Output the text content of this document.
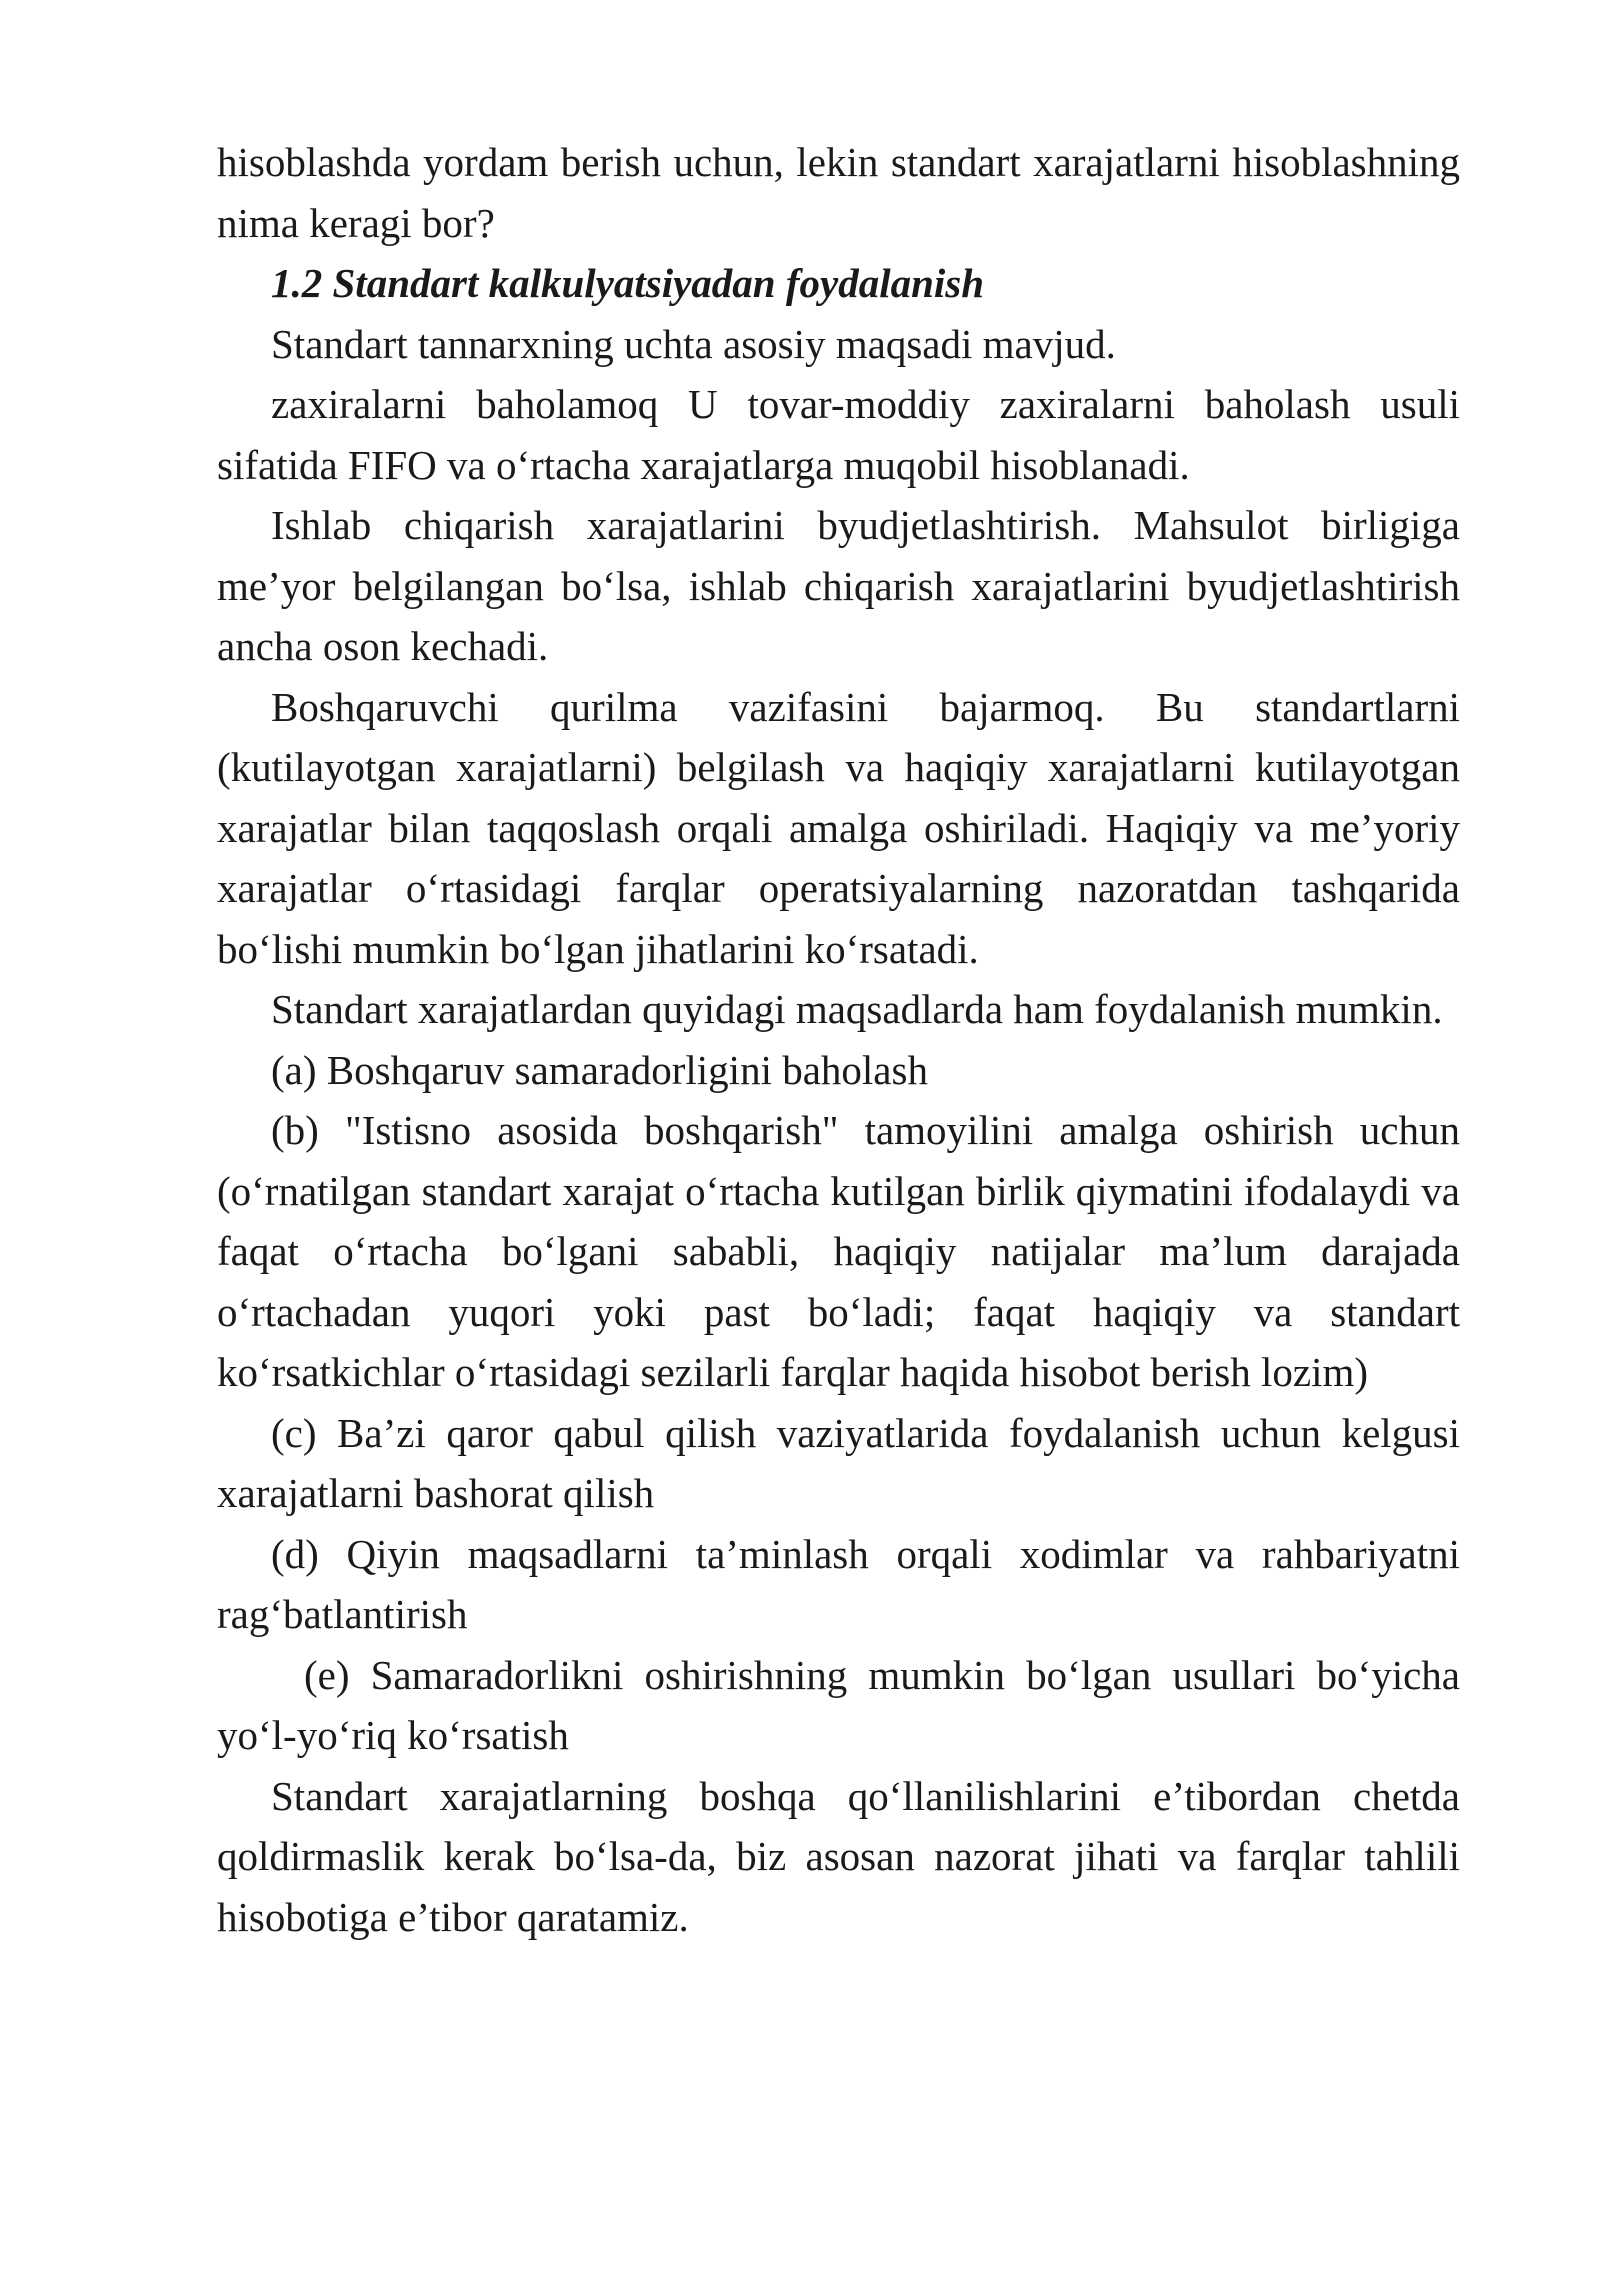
hisoblashda yordam berish uchun, lekin standart xarajatlarni hisoblashning nima keragi bor?

1.2 Standart kalkulyatsiyadan foydalanish

Standart tannarxning uchta asosiy maqsadi mavjud.

zaxiralarni baholamoq U tovar-moddiy zaxiralarni baholash usuli sifatida FIFO va o‘rtacha xarajatlarga muqobil hisoblanadi.

Ishlab chiqarish xarajatlarini byudjetlashtirish. Mahsulot birligiga me’yor belgilangan bo‘lsa, ishlab chiqarish xarajatlarini byudjetlashtirish ancha oson kechadi.

Boshqaruvchi qurilma vazifasini bajarmoq. Bu standartlarni (kutilayotgan xarajatlarni) belgilash va haqiqiy xarajatlarni kutilayotgan xarajatlar bilan taqqoslash orqali amalga oshiriladi. Haqiqiy va me’yoriy xarajatlar o‘rtasidagi farqlar operatsiyalarning nazoratdan tashqarida bo‘lishi mumkin bo‘lgan jihatlarini ko‘rsatadi.

Standart xarajatlardan quyidagi maqsadlarda ham foydalanish mumkin.

(a) Boshqaruv samaradorligini baholash

(b) "Istisno asosida boshqarish" tamoyilini amalga oshirish uchun (o‘rnatilgan standart xarajat o‘rtacha kutilgan birlik qiymatini ifodalaydi va faqat o‘rtacha bo‘lgani sababli, haqiqiy natijalar ma’lum darajada o‘rtachadan yuqori yoki past bo‘ladi; faqat haqiqiy va standart ko‘rsatkichlar o‘rtasidagi sezilarli farqlar haqida hisobot berish lozim)

(c) Ba’zi qaror qabul qilish vaziyatlarida foydalanish uchun kelgusi xarajatlarni bashorat qilish

(d) Qiyin maqsadlarni ta’minlash orqali xodimlar va rahbariyatni rag‘batlantirish

(e) Samaradorlikni oshirishning mumkin bo‘lgan usullari bo‘yicha yo‘l-yo‘riq ko‘rsatish

Standart xarajatlarning boshqa qo‘llanilishlarini e’tibordan chetda qoldirmaslik kerak bo‘lsa-da, biz asosan nazorat jihati va farqlar tahlili hisobotiga e’tibor qaratamiz.
